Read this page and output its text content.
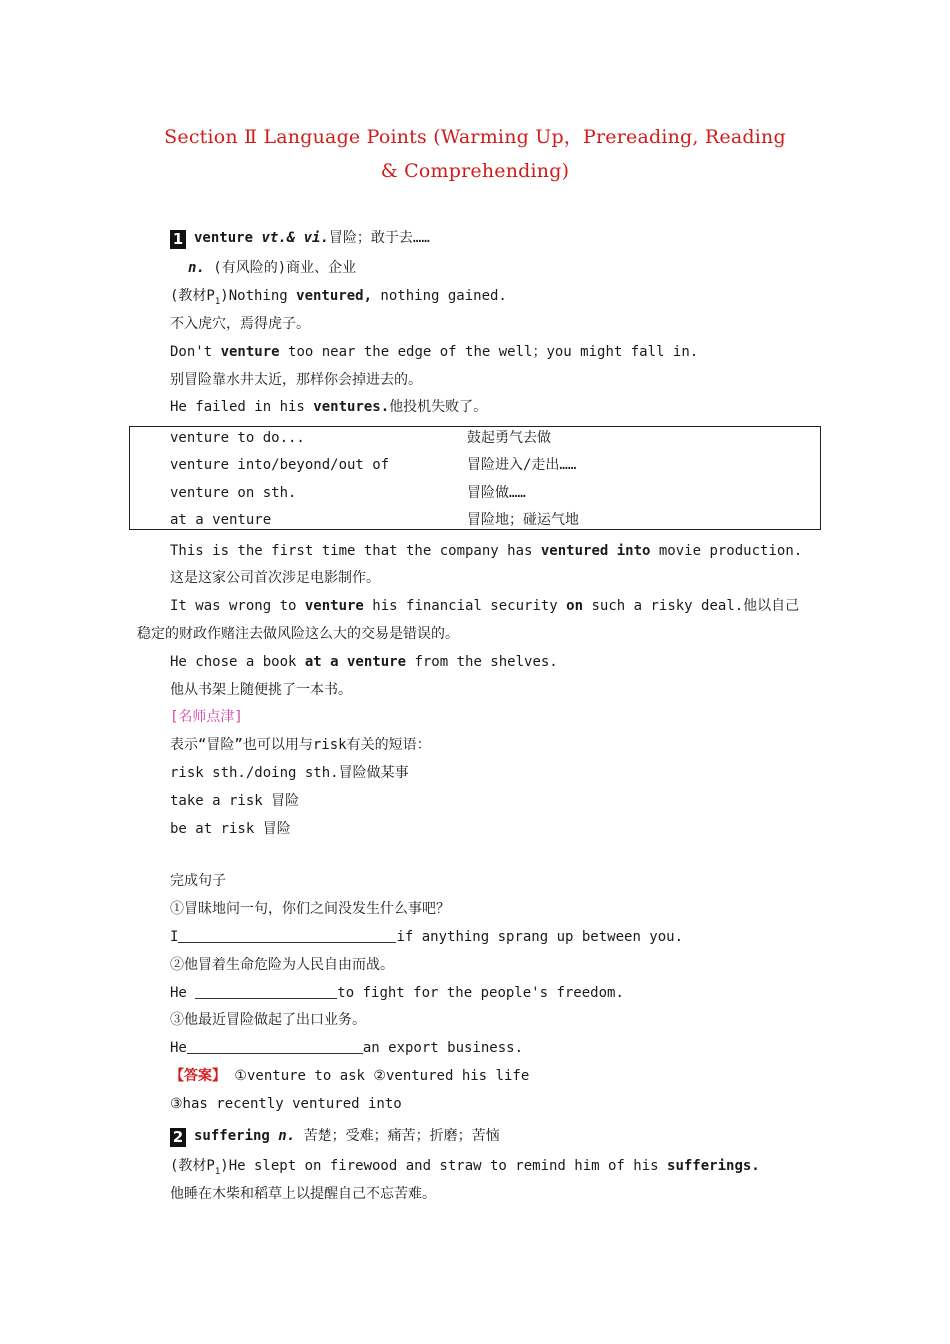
Section Ⅱ Language Points (Warming Up，Prereading, Reading
& Comprehending)
1 venture vt.& vi.冒险；敢于去……
n. (有风险的)商业、企业
(教材$P_1)Nothing$ ventured, nothing gained.
不入虎穴，焉得虎子。
Don't venture too near the edge of the well；you might fall in.
别冒险靠水井太近，那样你会掉进去的。
He failed in his ventures.他投机失败了。
venture to do...	鼓起勇气去做
venture into/beyond/out of	冒险进入/走出……
venture on sth.	冒险做……
at a venture	冒险地；碰运气地
This is the first time that the company has ventured into movie production.
这是这家公司首次涉足电影制作。
It was wrong to venture his financial security on such a risky deal.他以自己
稳定的财政作赌注去做风险这么大的交易是错误的。
He chose a book at a venture from the shelves.
他从书架上随便挑了一本书。
[名师点津]
表示“冒险”也可以用与risk有关的短语：
risk sth./doing sth.冒险做某事
take a risk 冒险
be at risk 冒险
完成句子
①冒昧地问一句，你们之间没发生什么事吧？
I	if anything sprang up between you.
②他冒着生命危险为人民自由而战。
He	to fight for the people's freedom.
③他最近冒险做起了出口业务。
He	an export business.
【答案】 ①venture to ask ②ventured his life
③has recently ventured into
2 suffering n. 苦楚；受难；痛苦；折磨；苦恼
(教材$P_1)He$ slept on firewood and straw to remind him of his sufferings.
他睡在木柴和稻草上以提醒自己不忘苦难。
